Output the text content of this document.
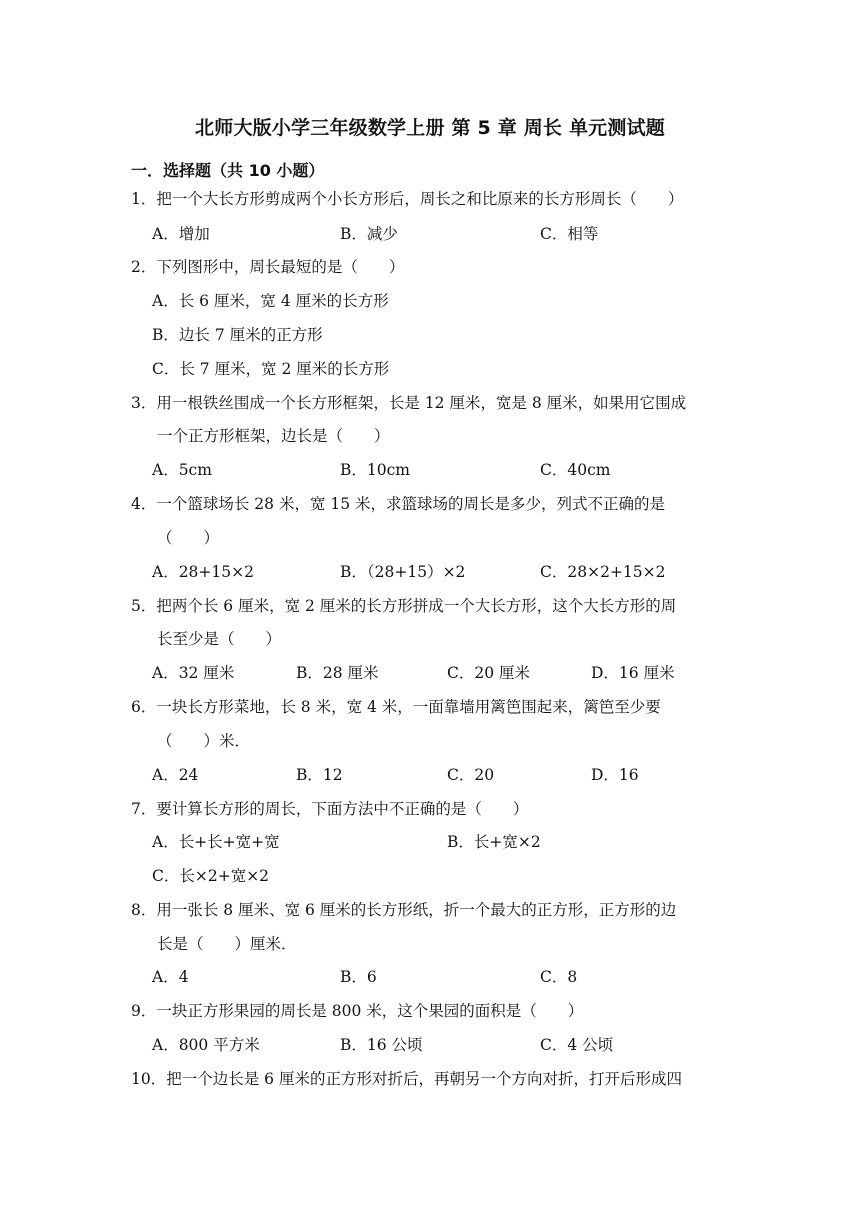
北师大版小学三年级数学上册 第 5 章 周长 单元测试题
一．选择题（共 10 小题）
1．把一个大长方形剪成两个小长方形后，周长之和比原来的长方形周长（　　）
A．增加	B．减少	C．相等
2．下列图形中，周长最短的是（　　）
A．长 6 厘米，宽 4 厘米的长方形
B．边长 7 厘米的正方形
C．长 7 厘米，宽 2 厘米的长方形
3．用一根铁丝围成一个长方形框架，长是 12 厘米，宽是 8 厘米，如果用它围成
一个正方形框架，边长是（　　）
A．5cm	B．10cm	C．40cm
4．一个篮球场长 28 米，宽 15 米，求篮球场的周长是多少，列式不正确的是
（　　）
A．28+15×2	B．（28+15）×2	C．28×2+15×2
5．把两个长 6 厘米，宽 2 厘米的长方形拼成一个大长方形，这个大长方形的周
长至少是（　　）
A．32 厘米	B．28 厘米	C．20 厘米	D．16 厘米
6．一块长方形菜地，长 8 米，宽 4 米，一面靠墙用篱笆围起来，篱笆至少要
（　　）米．
A．24	B．12	C．20	D．16
7．要计算长方形的周长，下面方法中不正确的是（　　）
A．长+长+宽+宽	B．长+宽×2
C．长×2+宽×2
8．用一张长 8 厘米、宽 6 厘米的长方形纸，折一个最大的正方形，正方形的边
长是（　　）厘米．
A．4	B．6	C．8
9．一块正方形果园的周长是 800 米，这个果园的面积是（　　）
A．800 平方米	B．16 公顷	C．4 公顷
10．把一个边长是 6 厘米的正方形对折后，再朝另一个方向对折，打开后形成四
